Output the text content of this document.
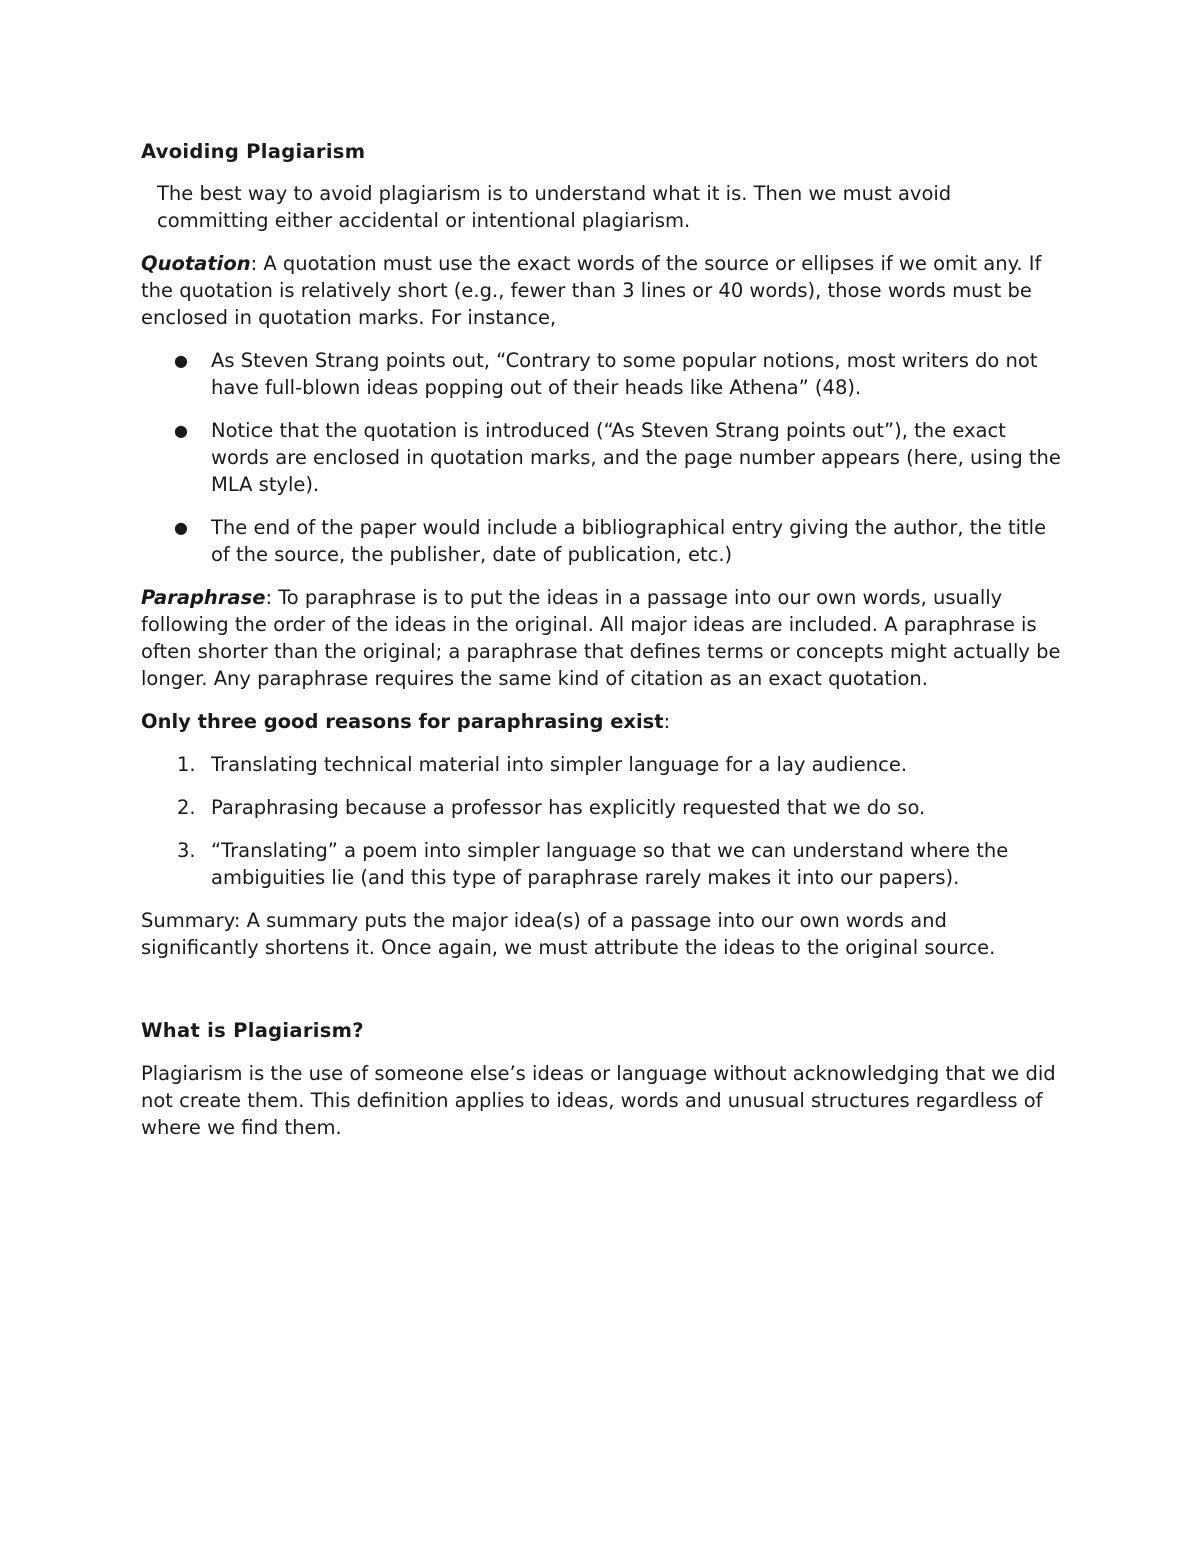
Avoiding Plagiarism

The best way to avoid plagiarism is to understand what it is. Then we must avoid committing either accidental or intentional plagiarism.

Quotation: A quotation must use the exact words of the source or ellipses if we omit any. If the quotation is relatively short (e.g., fewer than 3 lines or 40 words), those words must be enclosed in quotation marks. For instance,

● As Steven Strang points out, “Contrary to some popular notions, most writers do not have full-blown ideas popping out of their heads like Athena” (48).
● Notice that the quotation is introduced (“As Steven Strang points out”), the exact words are enclosed in quotation marks, and the page number appears (here, using the MLA style).
● The end of the paper would include a bibliographical entry giving the author, the title of the source, the publisher, date of publication, etc.)

Paraphrase: To paraphrase is to put the ideas in a passage into our own words, usually following the order of the ideas in the original. All major ideas are included. A paraphrase is often shorter than the original; a paraphrase that defines terms or concepts might actually be longer. Any paraphrase requires the same kind of citation as an exact quotation.

Only three good reasons for paraphrasing exist:

1. Translating technical material into simpler language for a lay audience.
2. Paraphrasing because a professor has explicitly requested that we do so.
3. “Translating” a poem into simpler language so that we can understand where the ambiguities lie (and this type of paraphrase rarely makes it into our papers).

Summary: A summary puts the major idea(s) of a passage into our own words and significantly shortens it. Once again, we must attribute the ideas to the original source.

What is Plagiarism?

Plagiarism is the use of someone else’s ideas or language without acknowledging that we did not create them. This definition applies to ideas, words and unusual structures regardless of where we find them.
